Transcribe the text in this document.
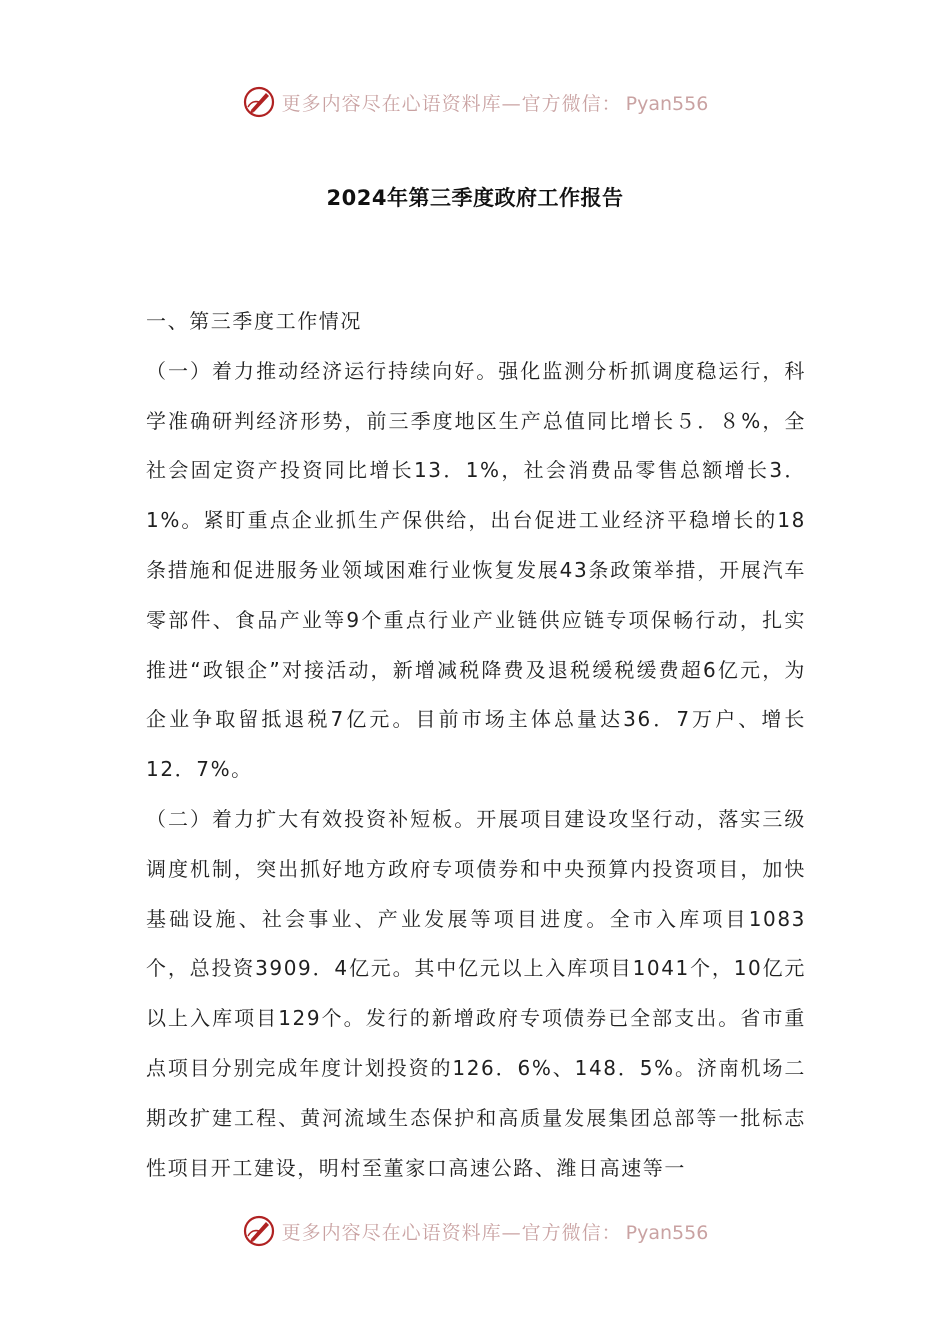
更多内容尽在心语资料库—官方微信： Pyan556
2024年第三季度政府工作报告

一、第三季度工作情况

（一）着力推动经济运行持续向好。强化监测分析抓调度稳运行，科学准确研判经济形势，前三季度地区生产总值同比增长５．８%，全社会固定资产投资同比增长13．1%，社会消费品零售总额增长3．1%。紧盯重点企业抓生产保供给，出台促进工业经济平稳增长的18条措施和促进服务业领域困难行业恢复发展43条政策举措，开展汽车零部件、食品产业等9个重点行业产业链供应链专项保畅行动，扎实推进“政银企”对接活动，新增减税降费及退税缓税缓费超6亿元，为企业争取留抵退税7亿元。目前市场主体总量达36．7万户、增长12．7%。

（二）着力扩大有效投资补短板。开展项目建设攻坚行动，落实三级调度机制，突出抓好地方政府专项债券和中央预算内投资项目，加快基础设施、社会事业、产业发展等项目进度。全市入库项目1083个，总投资3909．4亿元。其中亿元以上入库项目1041个，10亿元以上入库项目129个。发行的新增政府专项债券已全部支出。省市重点项目分别完成年度计划投资的126．6%、148．5%。济南机场二期改扩建工程、黄河流域生态保护和高质量发展集团总部等一批标志性项目开工建设，明村至董家口高速公路、潍日高速等一

更多内容尽在心语资料库—官方微信： Pyan556
